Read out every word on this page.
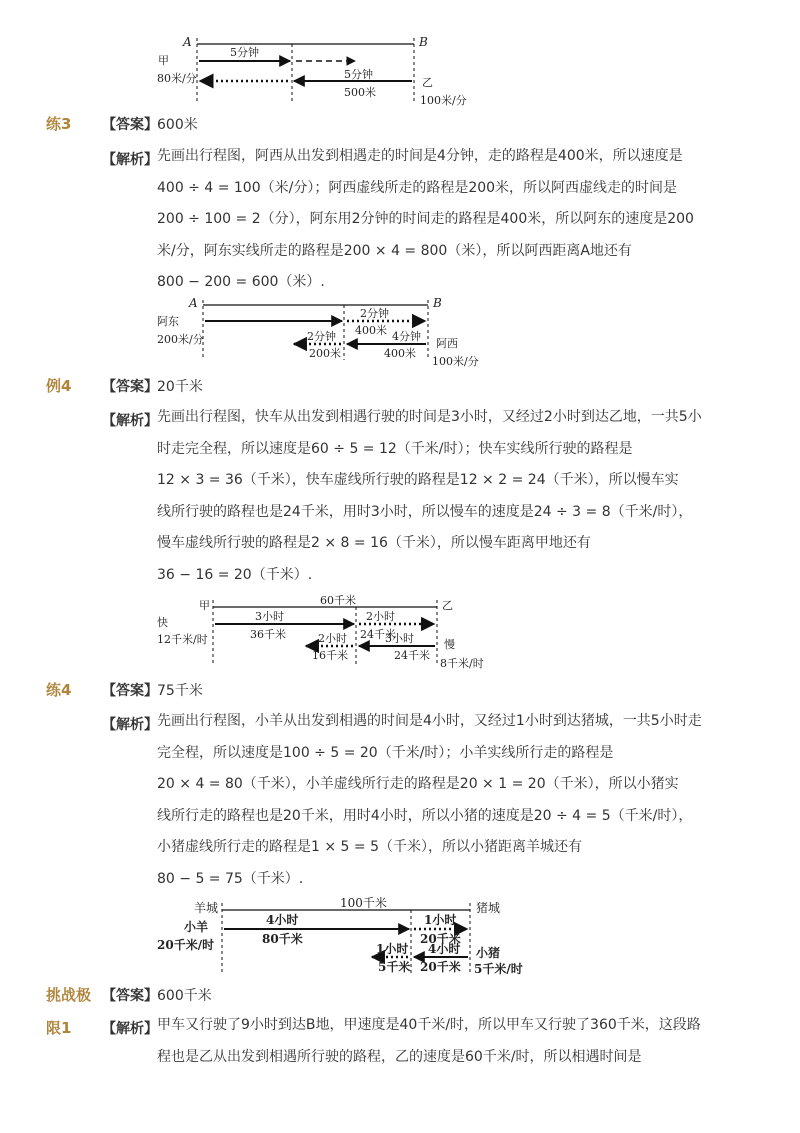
A	B
甲
80米/分
5分钟
5分钟
500米
乙
100米/分
练3 【答案】 600米
【解析】 先画出行程图，阿西从出发到相遇走的时间是4分钟，走的路程是400米，所以速度是
400 ÷ 4 = 100（米/分）；阿西虚线所走的路程是200米，所以阿西虚线走的时间是
200 ÷ 100 = 2（分），阿东用2分钟的时间走的路程是400米，所以阿东的速度是200
米/分，阿东实线所走的路程是200 × 4 = 800（米），所以阿西距离A地还有
800 − 200 = 600（米）.
A	B
阿东
200米/分
2分钟
400米
2分钟
200米
4分钟
400米
阿西
100米/分
例4 【答案】 20千米
【解析】 先画出行程图，快车从出发到相遇行驶的时间是3小时，又经过2小时到达乙地，一共5小
时走完全程，所以速度是60 ÷ 5 = 12（千米/时）；快车实线所行驶的路程是
12 × 3 = 36（千米），快车虚线所行驶的路程是12 × 2 = 24（千米），所以慢车实
线所行驶的路程也是24千米，用时3小时，所以慢车的速度是24 ÷ 3 = 8（千米/时），
慢车虚线所行驶的路程是2 × 8 = 16（千米），所以慢车距离甲地还有
36 − 16 = 20（千米）.
甲	60千米	乙
快
12千米/时
3小时
36千米
2小时
24千米
2小时
16千米
3小时
24千米
慢
8千米/时
练4 【答案】 75千米
【解析】 先画出行程图，小羊从出发到相遇的时间是4小时，又经过1小时到达猪城，一共5小时走
完全程，所以速度是100 ÷ 5 = 20（千米/时）；小羊实线所行走的路程是
20 × 4 = 80（千米），小羊虚线所行走的路程是20 × 1 = 20（千米），所以小猪实
线所行走的路程也是20千米，用时4小时，所以小猪的速度是20 ÷ 4 = 5（千米/时），
小猪虚线所行走的路程是1 × 5 = 5（千米），所以小猪距离羊城还有
80 − 5 = 75（千米）.
羊城	100千米	猪城
小羊
20千米/时
4小时
80千米
1小时
20千米
1小时
5千米
4小时
20千米
小猪
5千米/时
挑战极 【答案】 600千米
限1 【解析】 甲车又行驶了9小时到达B地，甲速度是40千米/时，所以甲车又行驶了360千米，这段路
程也是乙从出发到相遇所行驶的路程，乙的速度是60千米/时，所以相遇时间是
